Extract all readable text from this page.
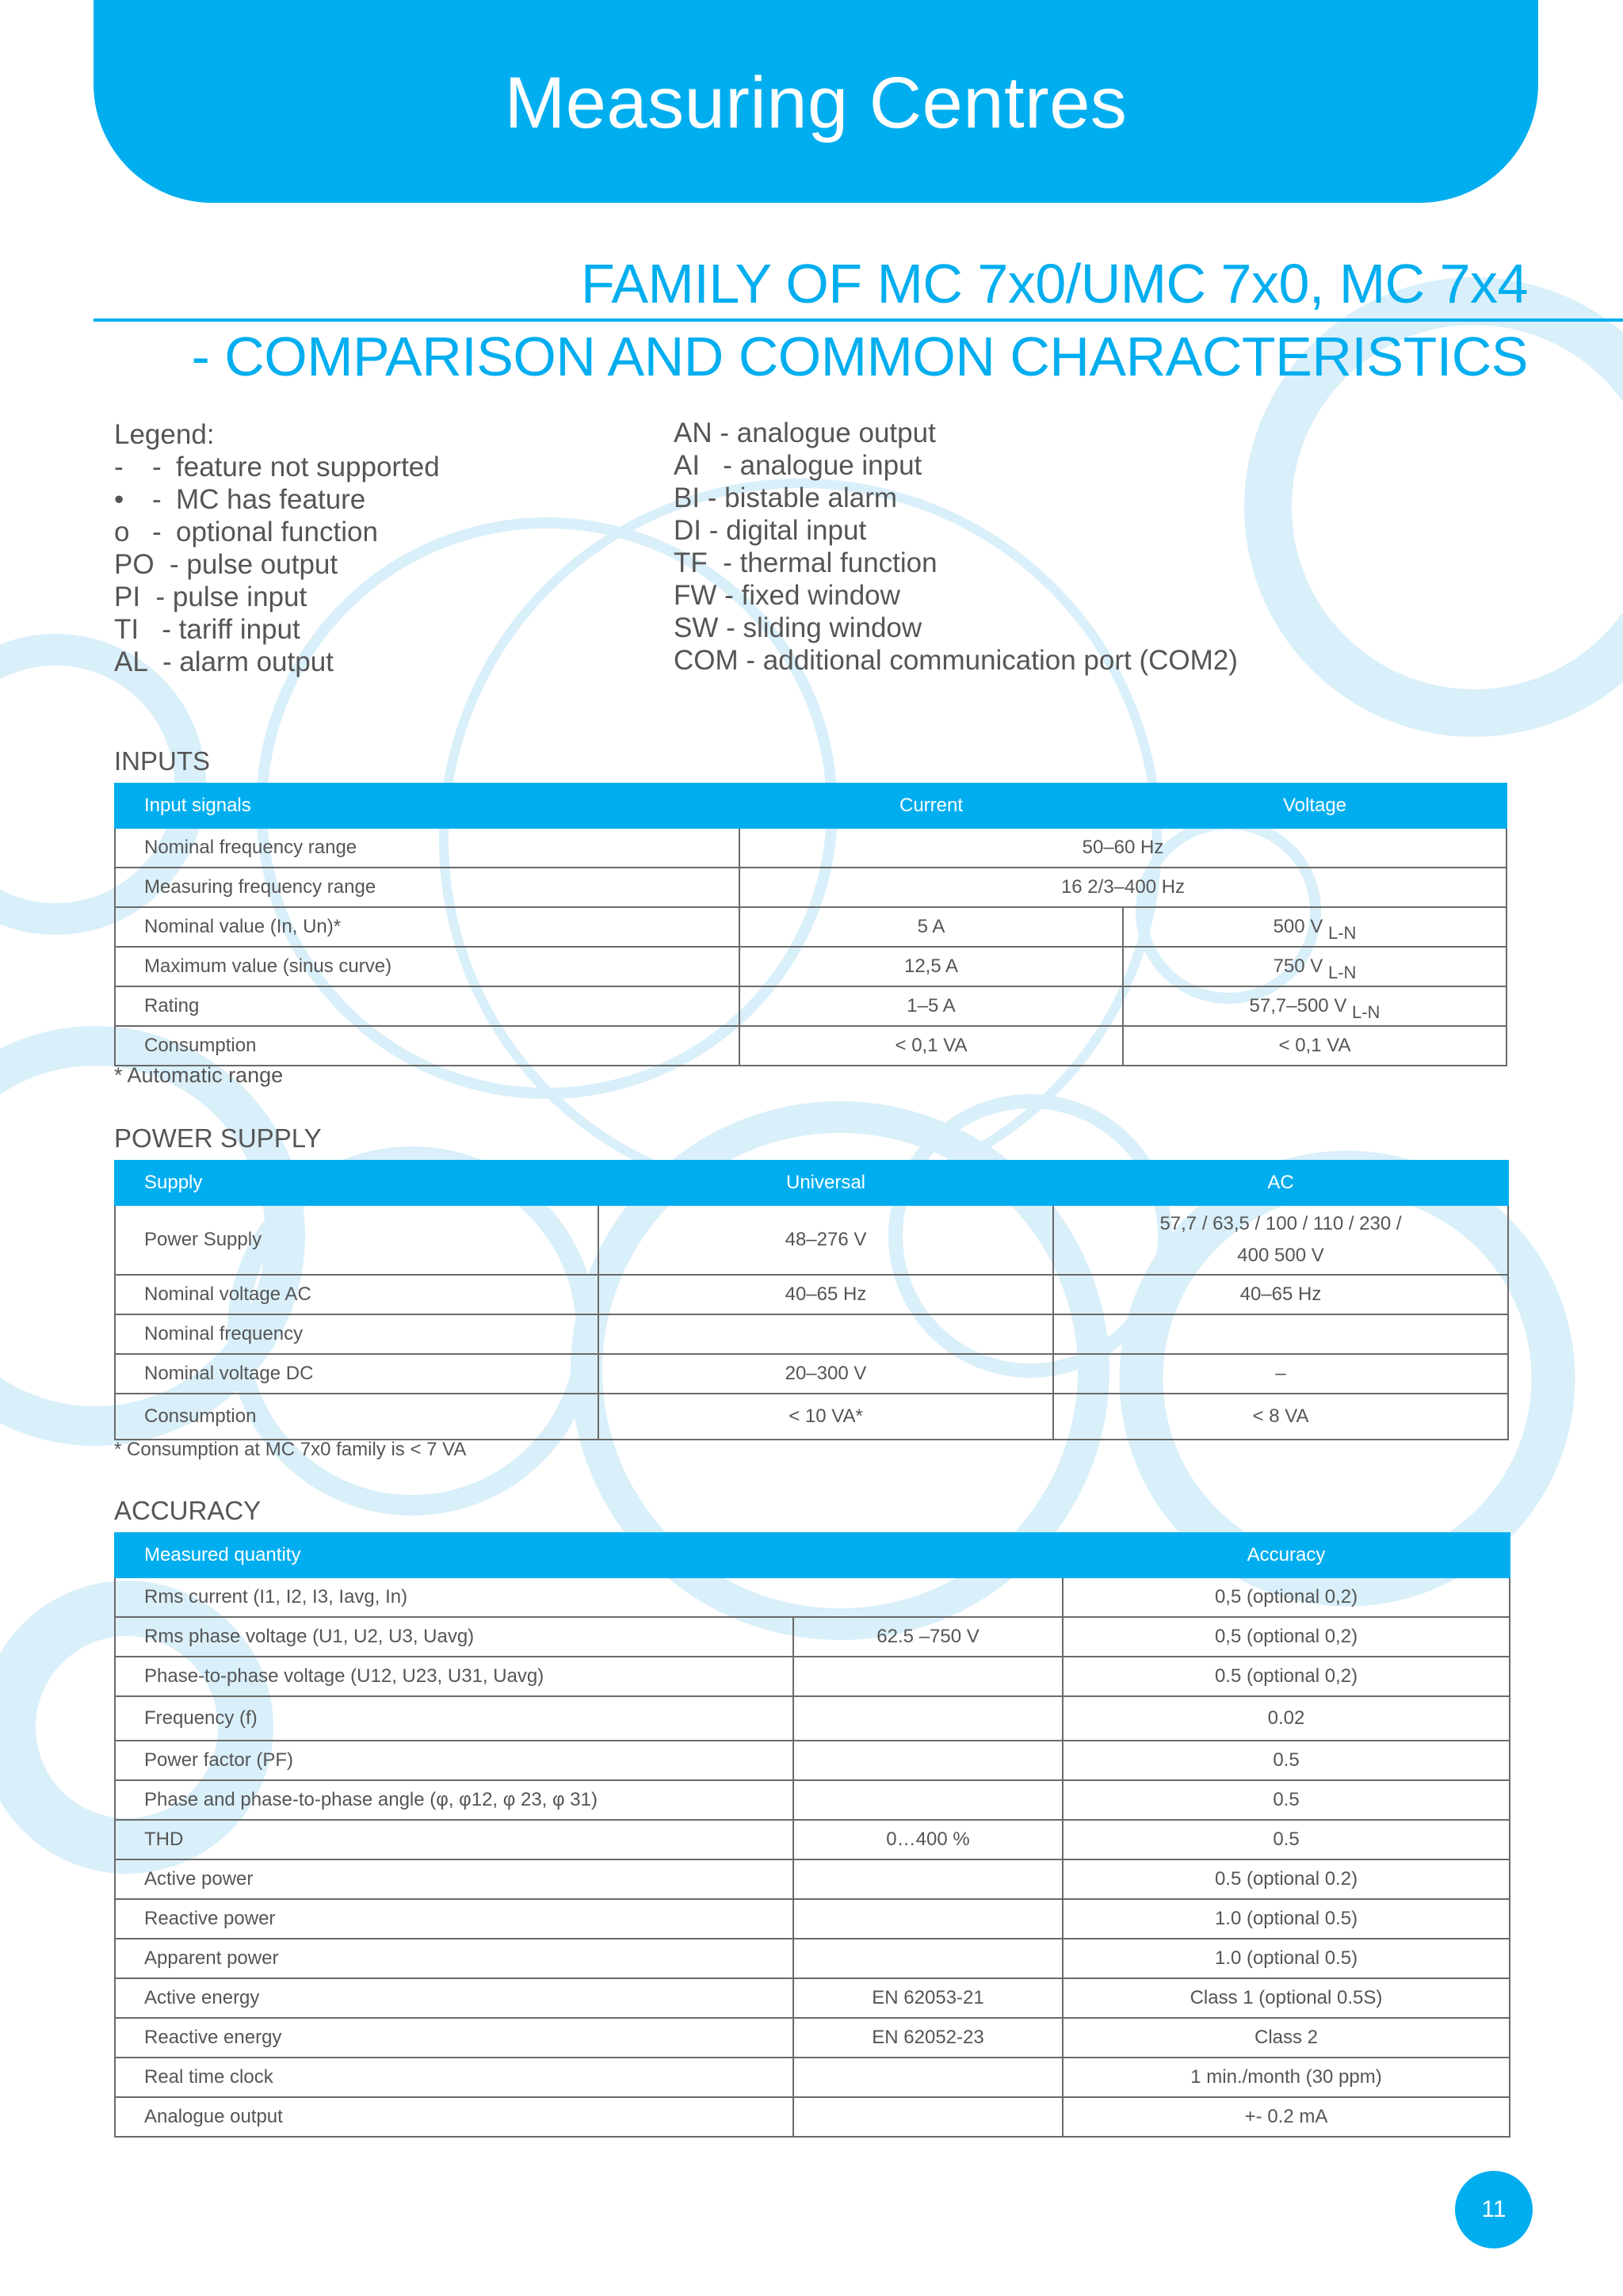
Measuring Centres
FAMILY OF MC 7x0/UMC 7x0, MC 7x4
- COMPARISON AND COMMON CHARACTERISTICS
Legend:
- - feature not supported
• - MC has feature
o - optional function
PO  - pulse output
PI  - pulse input
TI   - tariff input
AL  - alarm output
AN - analogue output
AI   - analogue input
BI - bistable alarm
DI - digital input
TF  - thermal function
FW - fixed window
SW - sliding window
COM - additional communication port (COM2)
INPUTS
Input signals	Current	Voltage
Nominal frequency range	50–60 Hz	
Measuring frequency range	16 2/3–400 Hz	
Nominal value (In, Un)*	5 A	500 V L-N
Maximum value (sinus curve)	12,5 A	750 V L-N
Rating	1–5 A	57,7–500 V L-N
Consumption	< 0,1 VA	< 0,1 VA
* Automatic range
POWER SUPPLY
Supply	Universal	AC
Power Supply	48–276 V	57,7 / 63,5 / 100 / 110 / 230 /
400 500 V

Nominal voltage AC	40–65 Hz	40–65 Hz
Nominal frequency		
Nominal voltage DC	20–300 V	–
Consumption	< 10 VA*	< 8 VA
* Consumption at MC 7x0 family is < 7 VA
ACCURACY
Measured quantity		Accuracy
Rms current (I1, I2, I3, Iavg, In)		0,5 (optional 0,2)
Rms phase voltage (U1, U2, U3, Uavg)	62.5 –750 V	0,5 (optional 0,2)
Phase-to-phase voltage (U12, U23, U31, Uavg)		0.5 (optional 0,2)
Frequency (f)		0.02
Power factor (PF)		0.5
Phase and phase-to-phase angle (φ, φ12, φ 23, φ 31)		0.5
THD	0…400 %	0.5
Active power		0.5 (optional 0.2)
Reactive power		1.0 (optional 0.5)
Apparent power		1.0 (optional 0.5)
Active energy	EN 62053-21	Class 1 (optional 0.5S)
Reactive energy	EN 62052-23	Class 2
Real time clock		1 min./month (30 ppm)
Analogue output		+- 0.2 mA
11
